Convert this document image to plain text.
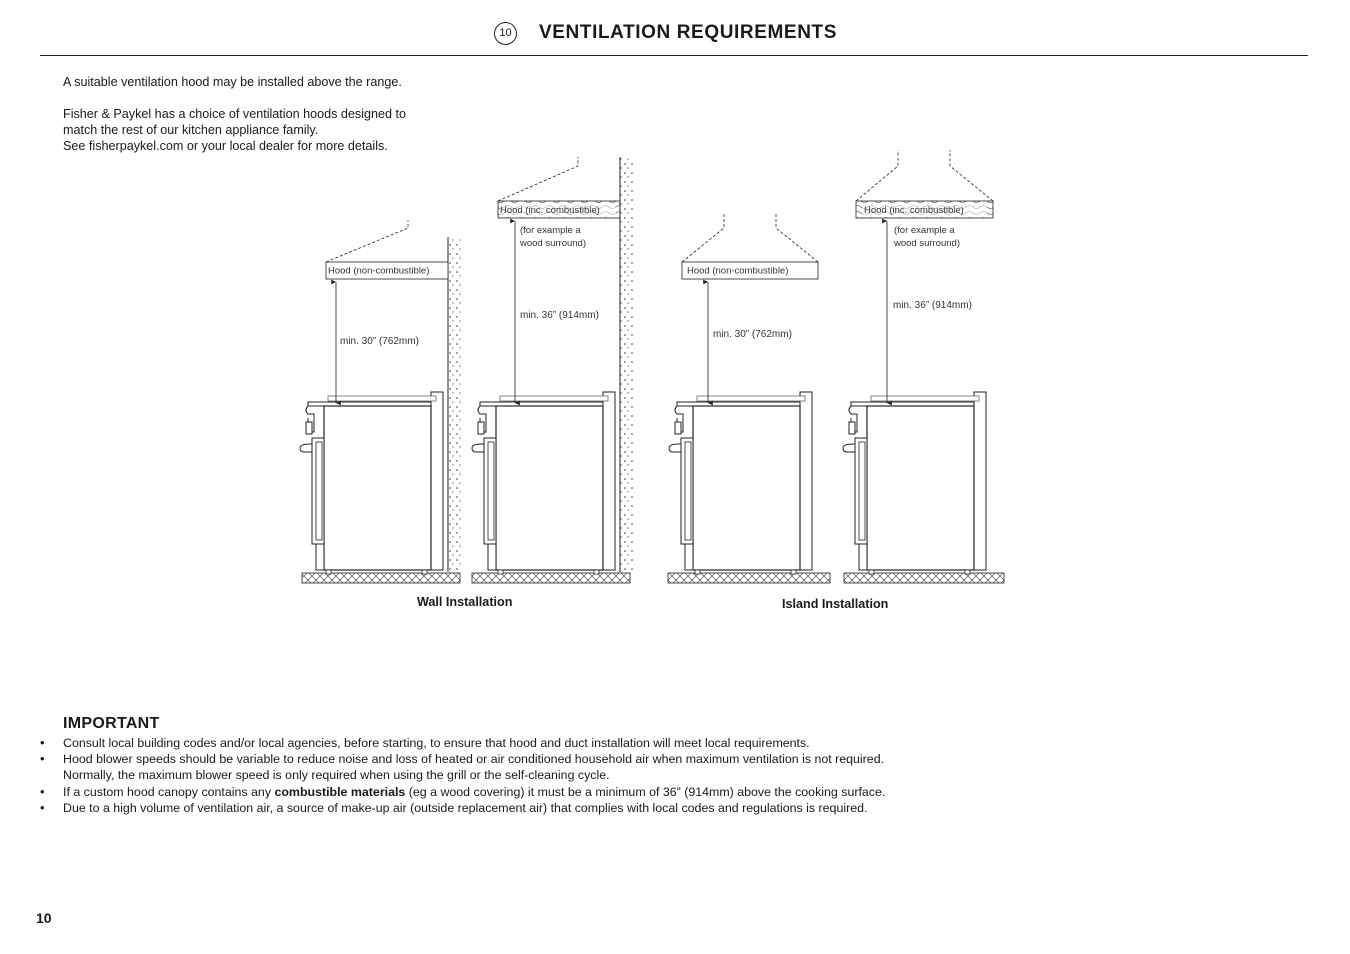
10 VENTILATION REQUIREMENTS

A suitable ventilation hood may be installed above the range.

Fisher & Paykel has a choice of ventilation hoods designed to

match the rest of our kitchen appliance family.

See fisherpaykel.com or your local dealer for more details.

Hood (non-combustible)
min. 30” (762mm)
Hood (inc. combustible)
(for example a
wood surround)
min. 36” (914mm)
Hood (non-combustible)
min. 30” (762mm)
Hood (inc. combustible)
(for example a
wood surround)
min. 36” (914mm)
Wall Installation	Island Installation
IMPORTANT
• Consult local building codes and/or local agencies, before starting, to ensure that hood and duct installation will meet local requirements.
• Hood blower speeds should be variable to reduce noise and loss of heated or air conditioned household air when maximum ventilation is not required.
Normally, the maximum blower speed is only required when using the grill or the self-cleaning cycle.
• If a custom hood canopy contains any combustible materials (eg a wood covering) it must be a minimum of 36” (914mm) above the cooking surface.
• Due to a high volume of ventilation air, a source of make-up air (outside replacement air) that complies with local codes and regulations is required.
10
